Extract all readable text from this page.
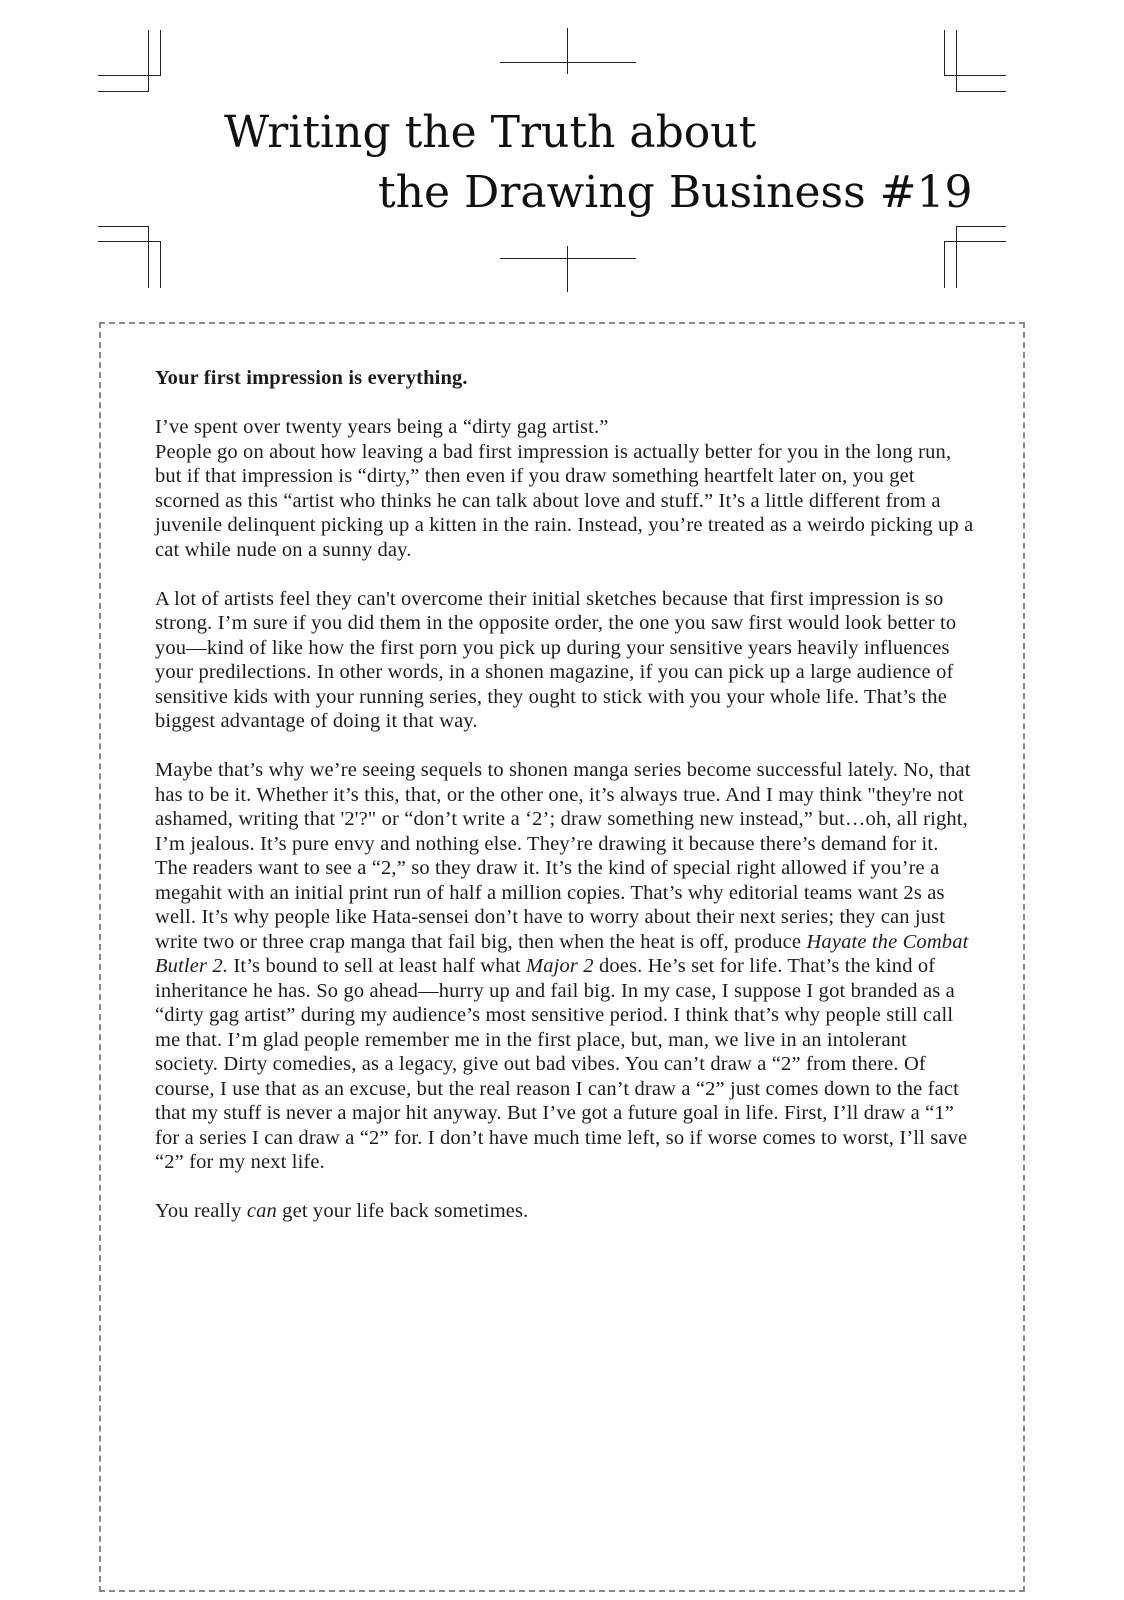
Writing the Truth about
the Drawing Business #19

Your first impression is everything.

I’ve spent over twenty years being a “dirty gag artist.”
People go on about how leaving a bad first impression is actually better for you in the long run, but if that impression is “dirty,” then even if you draw something heartfelt later on, you get scorned as this “artist who thinks he can talk about love and stuff.” It’s a little different from a juvenile delinquent picking up a kitten in the rain. Instead, you’re treated as a weirdo picking up a cat while nude on a sunny day.

A lot of artists feel they can't overcome their initial sketches because that first impression is so strong. I’m sure if you did them in the opposite order, the one you saw first would look better to you—kind of like how the first porn you pick up during your sensitive years heavily influences your predilections. In other words, in a shonen magazine, if you can pick up a large audience of sensitive kids with your running series, they ought to stick with you your whole life. That’s the biggest advantage of doing it that way.

Maybe that’s why we’re seeing sequels to shonen manga series become successful lately. No, that has to be it. Whether it’s this, that, or the other one, it’s always true. And I may think "they're not ashamed, writing that '2'?" or “don’t write a ‘2’; draw something new instead,” but…oh, all right, I’m jealous. It’s pure envy and nothing else. They’re drawing it because there’s demand for it. The readers want to see a “2,” so they draw it. It’s the kind of special right allowed if you’re a megahit with an initial print run of half a million copies. That’s why editorial teams want 2s as well. It’s why people like Hata-sensei don’t have to worry about their next series; they can just write two or three crap manga that fail big, then when the heat is off, produce Hayate the Combat Butler 2. It’s bound to sell at least half what Major 2 does. He’s set for life. That’s the kind of inheritance he has. So go ahead—hurry up and fail big. In my case, I suppose I got branded as a “dirty gag artist” during my audience’s most sensitive period. I think that’s why people still call me that. I’m glad people remember me in the first place, but, man, we live in an intolerant society. Dirty comedies, as a legacy, give out bad vibes. You can’t draw a “2” from there. Of course, I use that as an excuse, but the real reason I can’t draw a “2” just comes down to the fact that my stuff is never a major hit anyway. But I’ve got a future goal in life. First, I’ll draw a “1” for a series I can draw a “2” for. I don’t have much time left, so if worse comes to worst, I’ll save “2” for my next life.

You really can get your life back sometimes.
